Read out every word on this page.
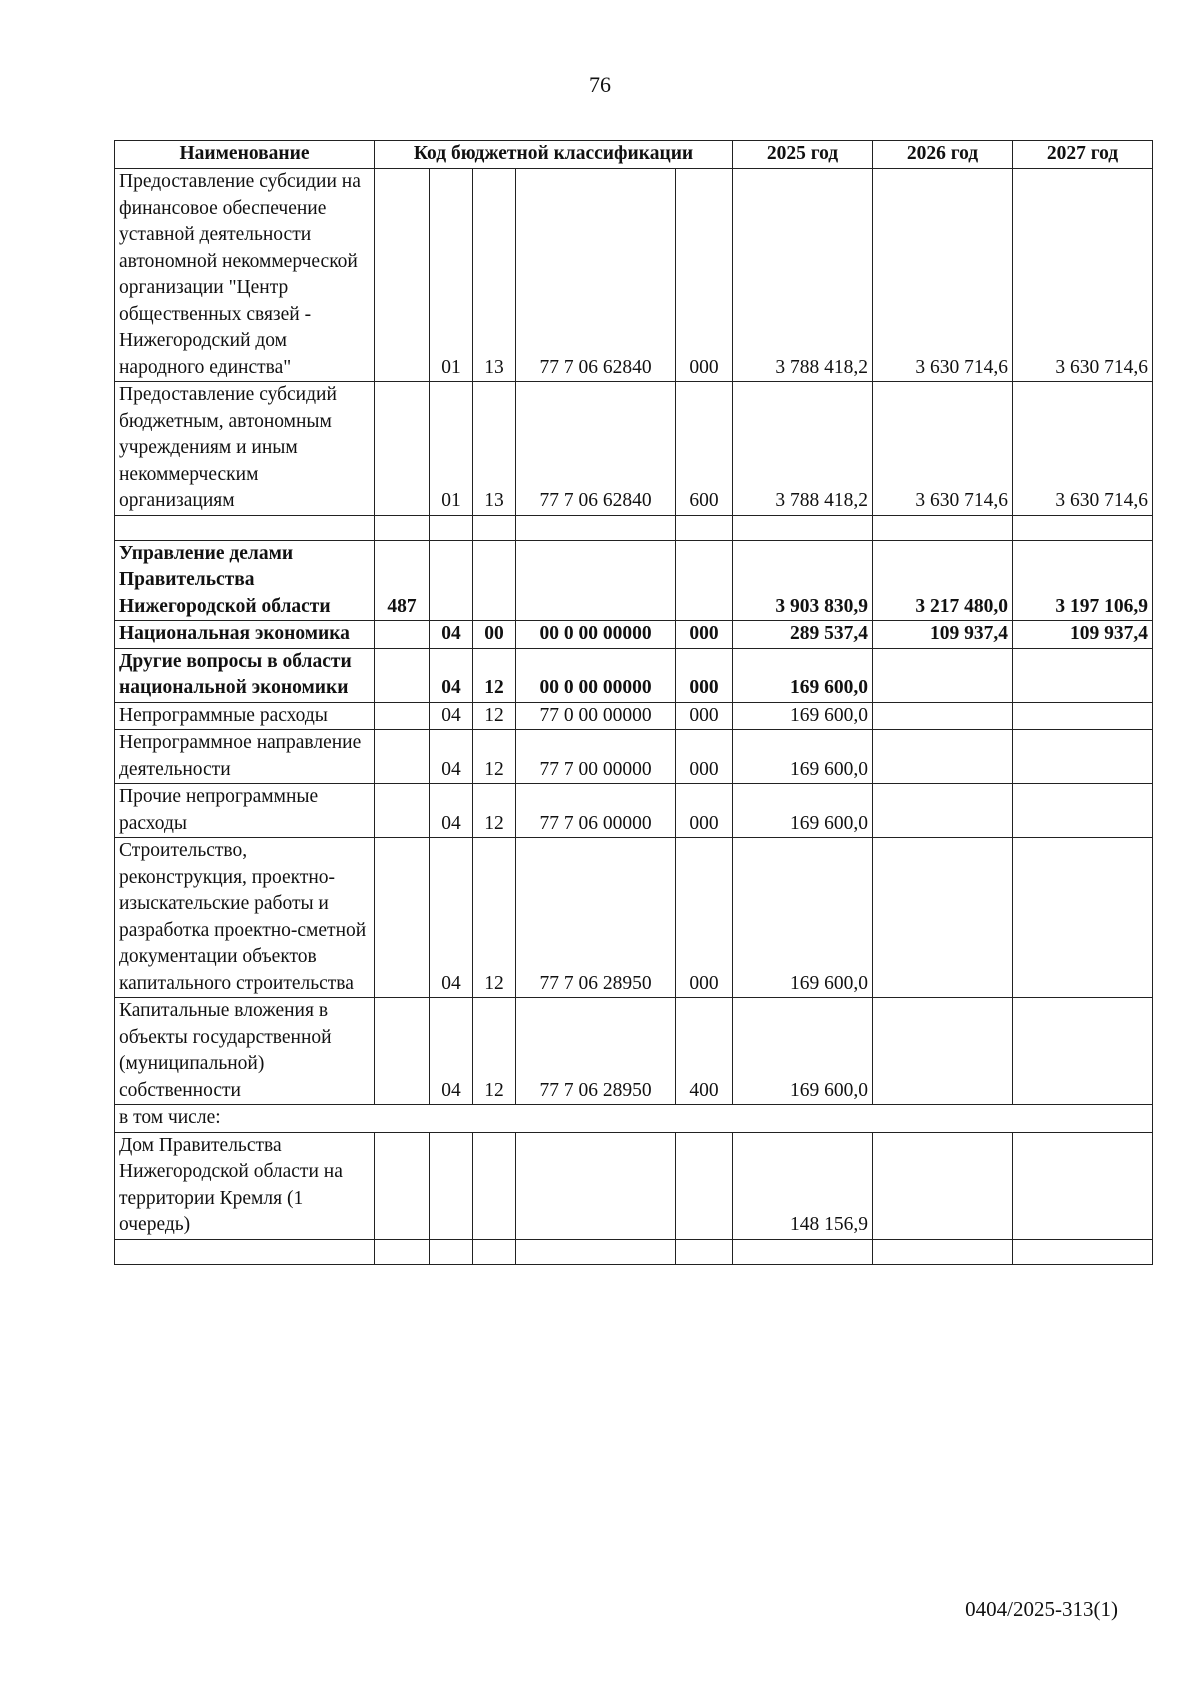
76
Наименование	Код бюджетной классификации					2025 год	2026 год	2027 год
Предоставление субсидии на финансовое обеспечение уставной деятельности автономной некоммерческой организации "Центр общественных связей - Нижегородский дом народного единства"		01	13	77 7 06 62840	000	3 788 418,2	3 630 714,6	3 630 714,6
Предоставление субсидий бюджетным, автономным учреждениям и иным некоммерческим организациям		01	13	77 7 06 62840	600	3 788 418,2	3 630 714,6	3 630 714,6

Управление делами Правительства Нижегородской области	487					3 903 830,9	3 217 480,0	3 197 106,9
Национальная экономика		04	00	00 0 00 00000	000	289 537,4	109 937,4	109 937,4
Другие вопросы в области национальной экономики		04	12	00 0 00 00000	000	169 600,0		
Непрограммные расходы		04	12	77 0 00 00000	000	169 600,0		
Непрограммное направление деятельности		04	12	77 7 00 00000	000	169 600,0		
Прочие непрограммные расходы		04	12	77 7 06 00000	000	169 600,0		
Строительство, реконструкция, проектно-изыскательские работы и разработка проектно-сметной документации объектов капитального строительства		04	12	77 7 06 28950	000	169 600,0		
Капитальные вложения в объекты государственной (муниципальной) собственности		04	12	77 7 06 28950	400	169 600,0		
в том числе:								
Дом Правительства Нижегородской области на территории Кремля (1 очередь)						148 156,9		

0404/2025-313(1)
